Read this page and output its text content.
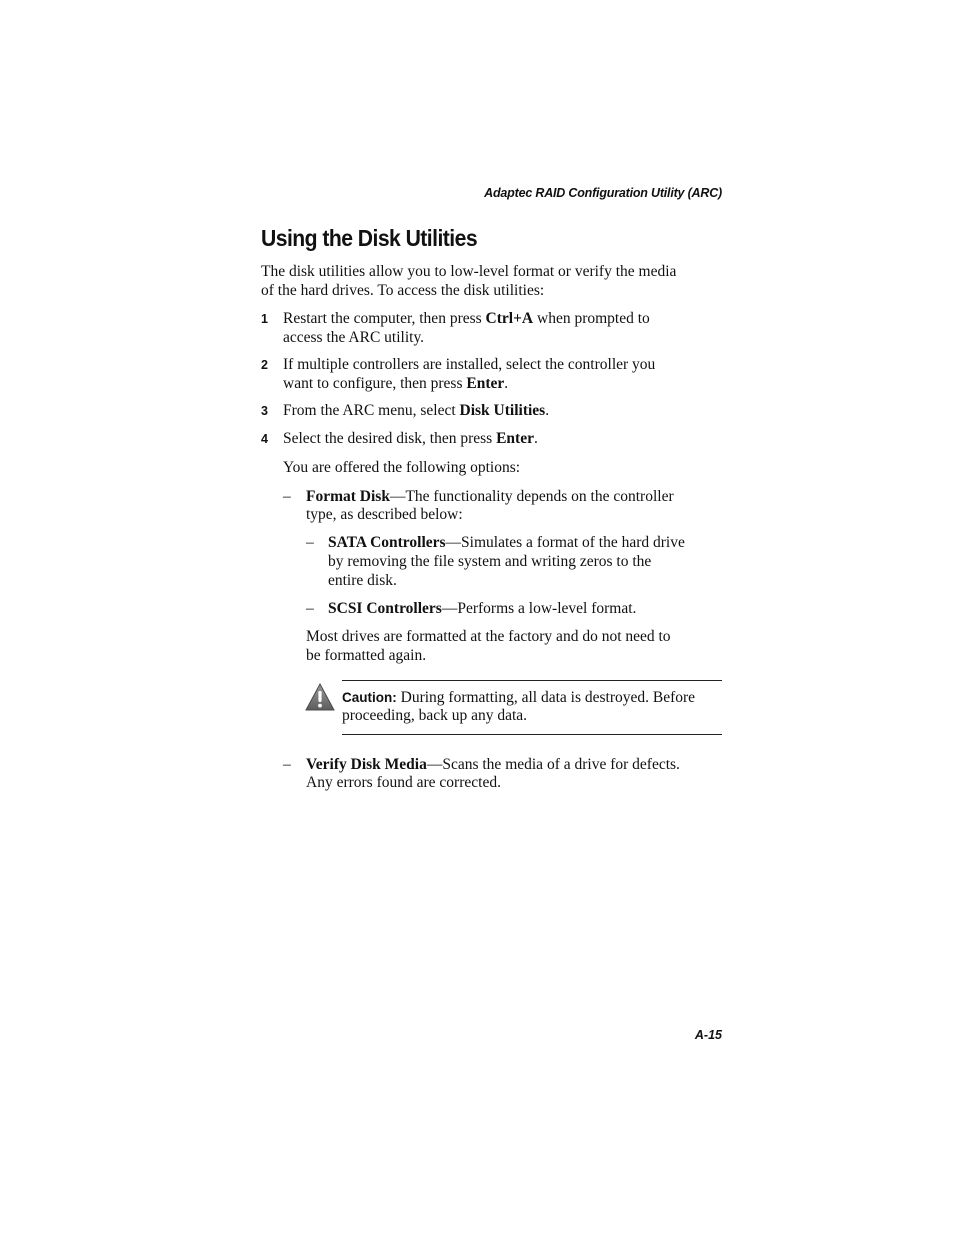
Adaptec RAID Configuration Utility (ARC)
Using the Disk Utilities

The disk utilities allow you to low-level format or verify the media

of the hard drives. To access the disk utilities:

1 Restart the computer, then press Ctrl+A when prompted to

access the ARC utility.

2 If multiple controllers are installed, select the controller you

want to configure, then press Enter.

3 From the ARC menu, select Disk Utilities.

4 Select the desired disk, then press Enter.

You are offered the following options:

– Format Disk—The functionality depends on the controller

type, as described below:

– SATA Controllers—Simulates a format of the hard drive

by removing the file system and writing zeros to the

entire disk.

– SCSI Controllers—Performs a low-level format.

Most drives are formatted at the factory and do not need to

be formatted again.

Caution: During formatting, all data is destroyed. Before

proceeding, back up any data.

– Verify Disk Media—Scans the media of a drive for defects.

Any errors found are corrected.

A-15
